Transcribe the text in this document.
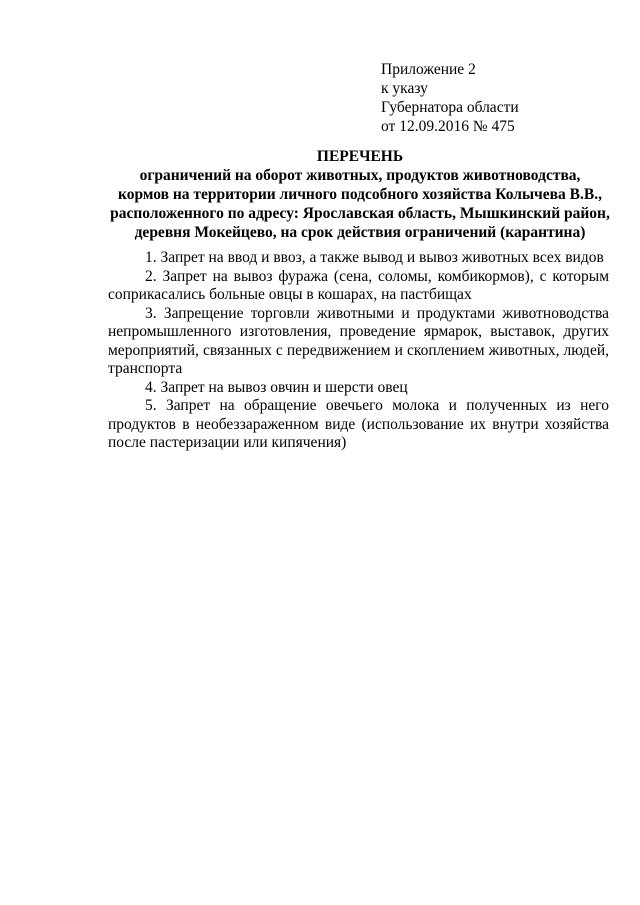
Приложение 2
к указу
Губернатора области
от 12.09.2016 № 475
ПЕРЕЧЕНЬ
ограничений на оборот животных, продуктов животноводства,
кормов на территории личного подсобного хозяйства Колычева В.В.,
расположенного по адресу: Ярославская область, Мышкинский район,
деревня Мокейцево, на срок действия ограничений (карантина)

1. Запрет на ввод и ввоз, а также вывод и вывоз животных всех видов

2. Запрет на вывоз фуража (сена, соломы, комбикормов), с которым соприкасались больные овцы в кошарах, на пастбищах

3. Запрещение торговли животными и продуктами животноводства непромышленного изготовления, проведение ярмарок, выставок, других мероприятий, связанных с передвижением и скоплением животных, людей, транспорта

4. Запрет на вывоз овчин и шерсти овец

5. Запрет на обращение овечьего молока и полученных из него продуктов в необеззараженном виде (использование их внутри хозяйства после пастеризации или кипячения)
